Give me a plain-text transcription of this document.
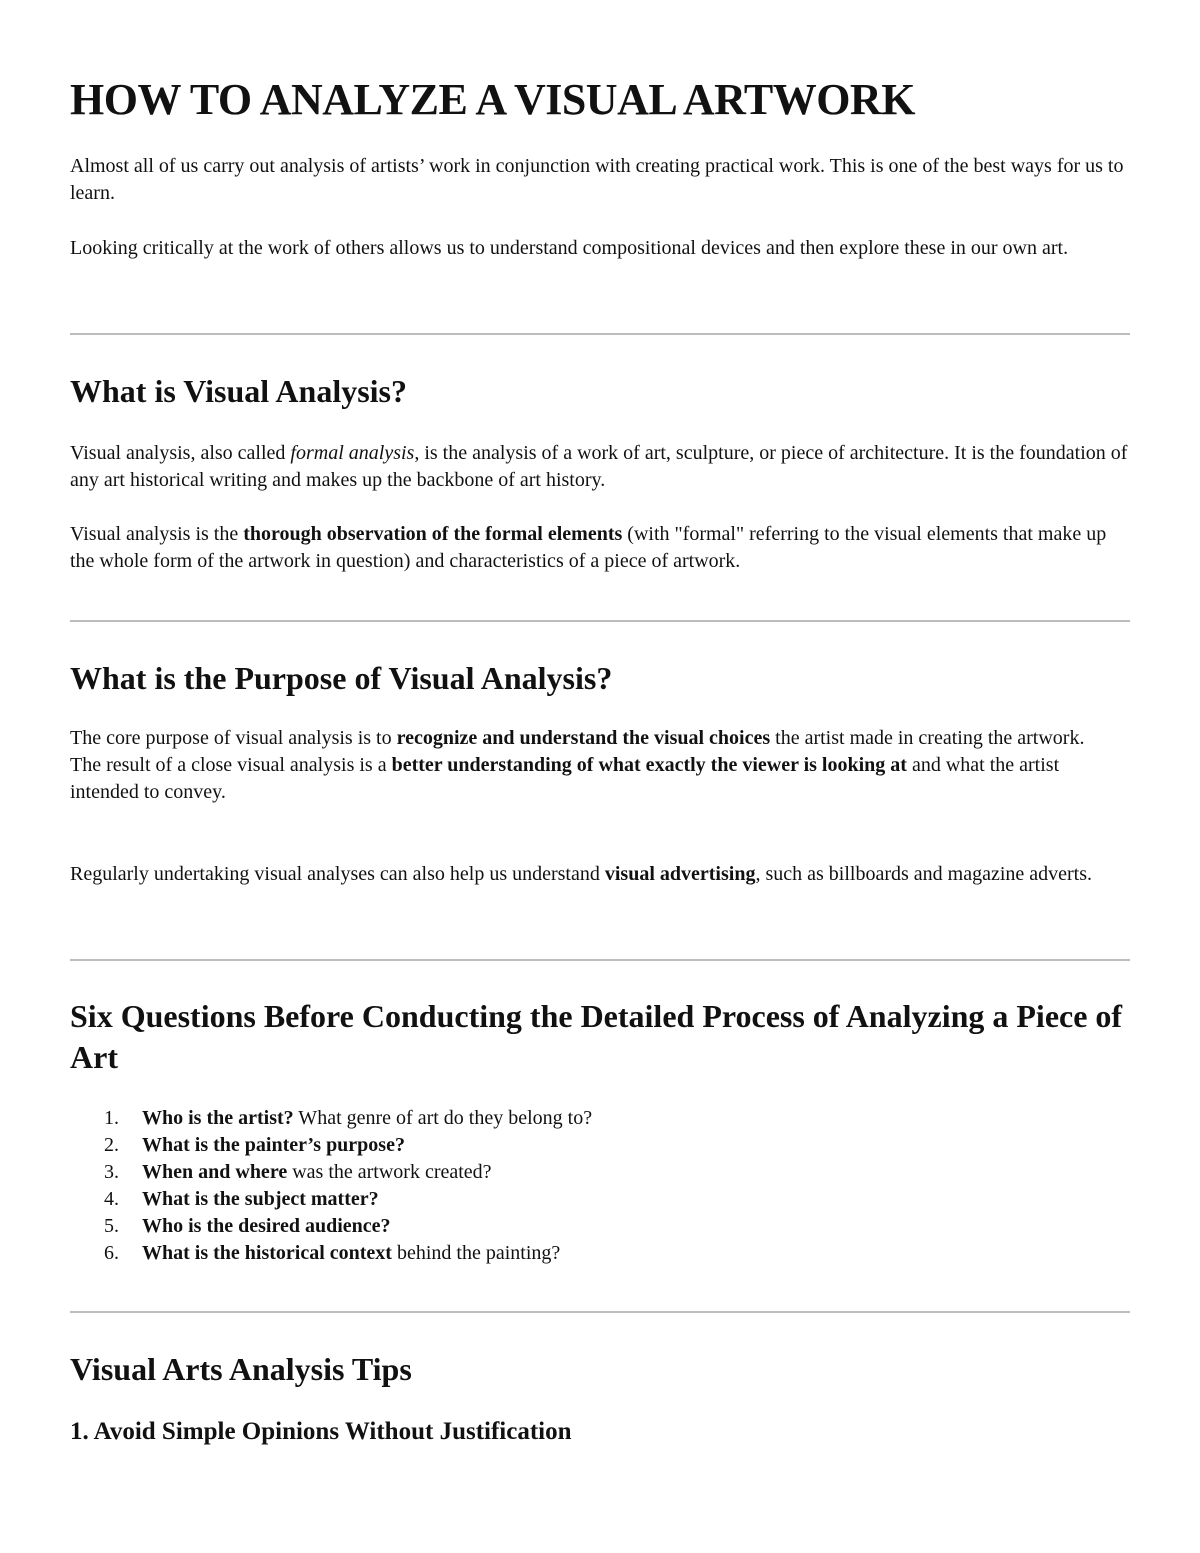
HOW TO ANALYZE A VISUAL ARTWORK

Almost all of us carry out analysis of artists’ work in conjunction with creating practical work. This is one of the best ways for us to learn.

Looking critically at the work of others allows us to understand compositional devices and then explore these in our own art.

What is Visual Analysis?

Visual analysis, also called formal analysis, is the analysis of a work of art, sculpture, or piece of architecture. It is the foundation of any art historical writing and makes up the backbone of art history.

Visual analysis is the thorough observation of the formal elements (with "formal" referring to the visual elements that make up the whole form of the artwork in question) and characteristics of a piece of artwork.

What is the Purpose of Visual Analysis?

The core purpose of visual analysis is to recognize and understand the visual choices the artist made in creating the artwork.
The result of a close visual analysis is a better understanding of what exactly the viewer is looking at and what the artist intended to convey.

Regularly undertaking visual analyses can also help us understand visual advertising, such as billboards and magazine adverts.

Six Questions Before Conducting the Detailed Process of Analyzing a Piece of Art
1. Who is the artist? What genre of art do they belong to?
2. What is the painter’s purpose?
3. When and where was the artwork created?
4. What is the subject matter?
5. Who is the desired audience?
6. What is the historical context behind the painting?
Visual Arts Analysis Tips
1. Avoid Simple Opinions Without Justification
